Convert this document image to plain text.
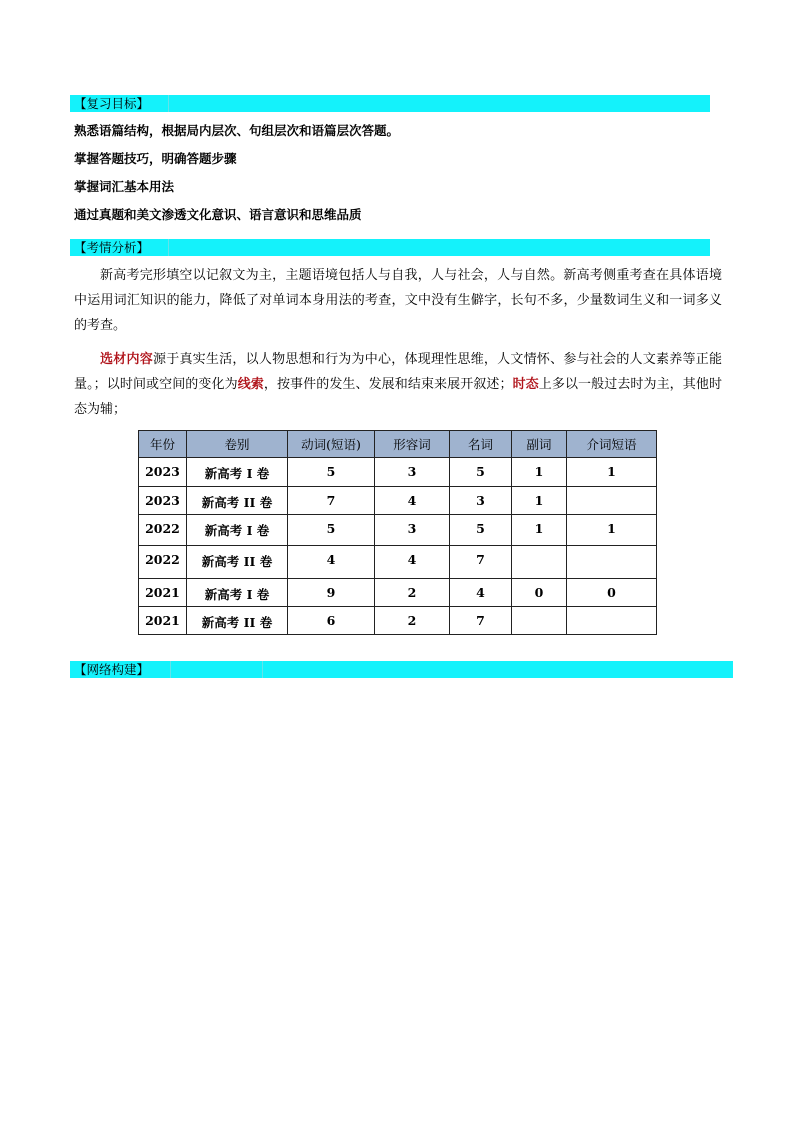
【复习目标】
熟悉语篇结构，根据局内层次、句组层次和语篇层次答题。
掌握答题技巧，明确答题步骤
掌握词汇基本用法
通过真题和美文渗透文化意识、语言意识和思维品质
【考情分析】

新高考完形填空以记叙文为主，主题语境包括人与自我，人与社会，人与自然。新高考侧重考查在具体语境中运用词汇知识的能力，降低了对单词本身用法的考查，文中没有生僻字，长句不多，少量数词生义和一词多义的考查。

选材内容源于真实生活，以人物思想和行为为中心，体现理性思维，人文情怀、参与社会的人文素养等正能量。；以时间或空间的变化为线索，按事件的发生、发展和结束来展开叙述；时态上多以一般过去时为主，其他时态为辅；

年份	卷别	动词(短语)	形容词	名词	副词	介词短语
2023	新高考 I 卷	5	3	5	1	1
2023	新高考 II 卷	7	4	3	1	
2022	新高考 I 卷	5	3	5	1	1
2022	新高考 II 卷	4	4	7		
2021	新高考 I 卷	9	2	4	0	0
2021	新高考 II 卷	6	2	7		
【网络构建】
